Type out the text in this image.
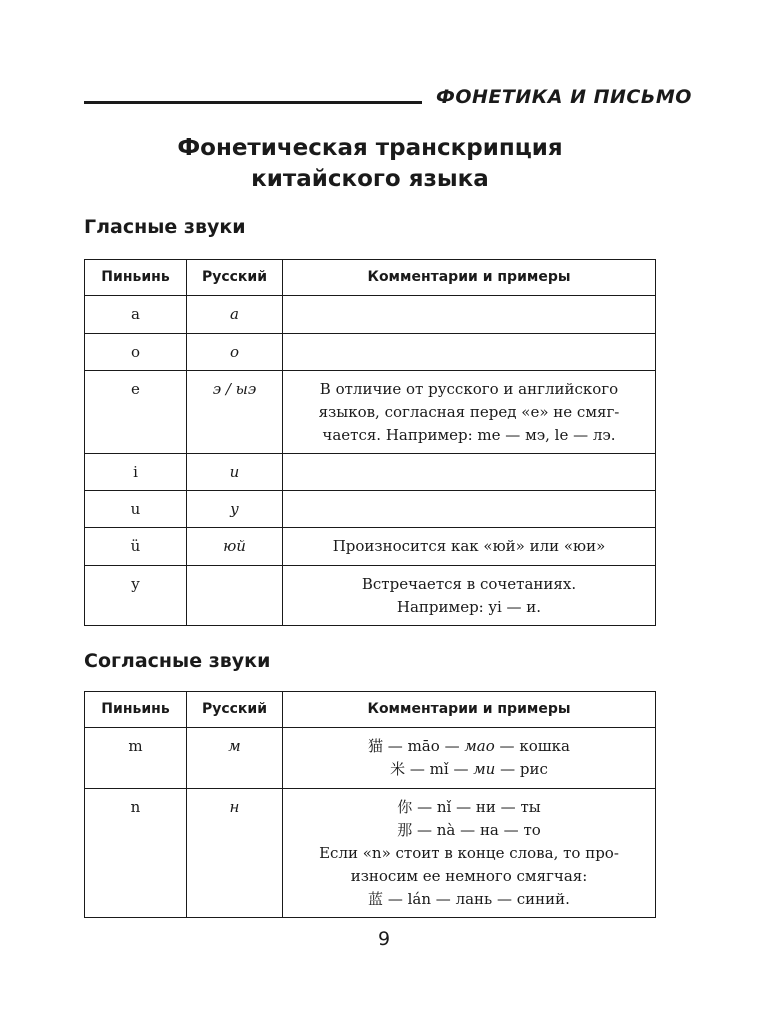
ФОНЕТИКА И ПИСЬМО
Фонетическая транскрипция
китайского языка
Гласные звуки
Пиньинь	Русский	Комментарии и примеры
a	а	
o	о	
e	э / ыэ	В отличие от русского и английского
языков, согласная перед «е» не смяг-
чается. Например: me — мэ, le — лэ.

i	и	
u	у	
ü	юй	Произносится как «юй» или «юи»

y		Встречается в сочетаниях.
Например: yi — и.
Согласные звуки
Пиньинь	Русский	Комментарии и примеры
m	м	猫 — māo — мао — кошка
米 — mǐ — ми — рис

n	н	你 — nǐ — ни — ты
那 — nà — на — то
Если «n» стоит в конце слова, то про-
износим ее немного смягчая:
蓝 — lán — лань — синий.
9
